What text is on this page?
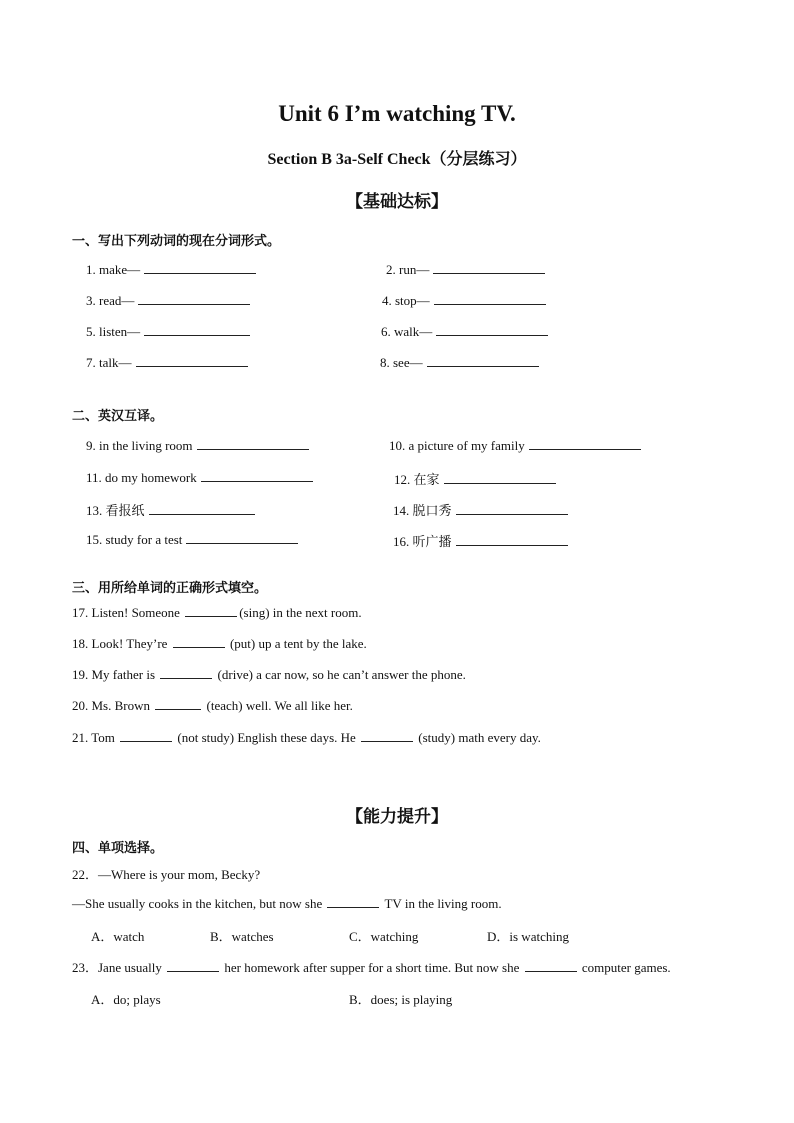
Unit 6 I’m watching TV.
Section B 3a-Self Check（分层练习）
【基础达标】
一、写出下列动词的现在分词形式。
1. make—	2. run—
3. read—	4. stop—
5. listen—	6. walk—
7. talk—	8. see—
二、英汉互译。
9. in the living room	10. a picture of my family
11. do my homework	12. 在家
13. 看报纸	14. 脱口秀
15. study for a test	16. 听广播
三、用所给单词的正确形式填空。
17. Listen! Someone	(sing) in the next room.
18. Look! They’re	(put) up a tent by the lake.
19. My father is	(drive) a car now, so he can’t answer the phone.
20. Ms. Brown	(teach) well. We all like her.
21. Tom	(not study) English these days. He	(study) math every day.
【能力提升】
四、单项选择。
22．—Where is your mom, Becky?
—She usually cooks in the kitchen, but now she	TV in the living room.
A．watch	B．watches	C．watching	D．is watching
23．Jane usually	her homework after supper for a short time. But now she	computer games.
A．do; plays	B．does; is playing
